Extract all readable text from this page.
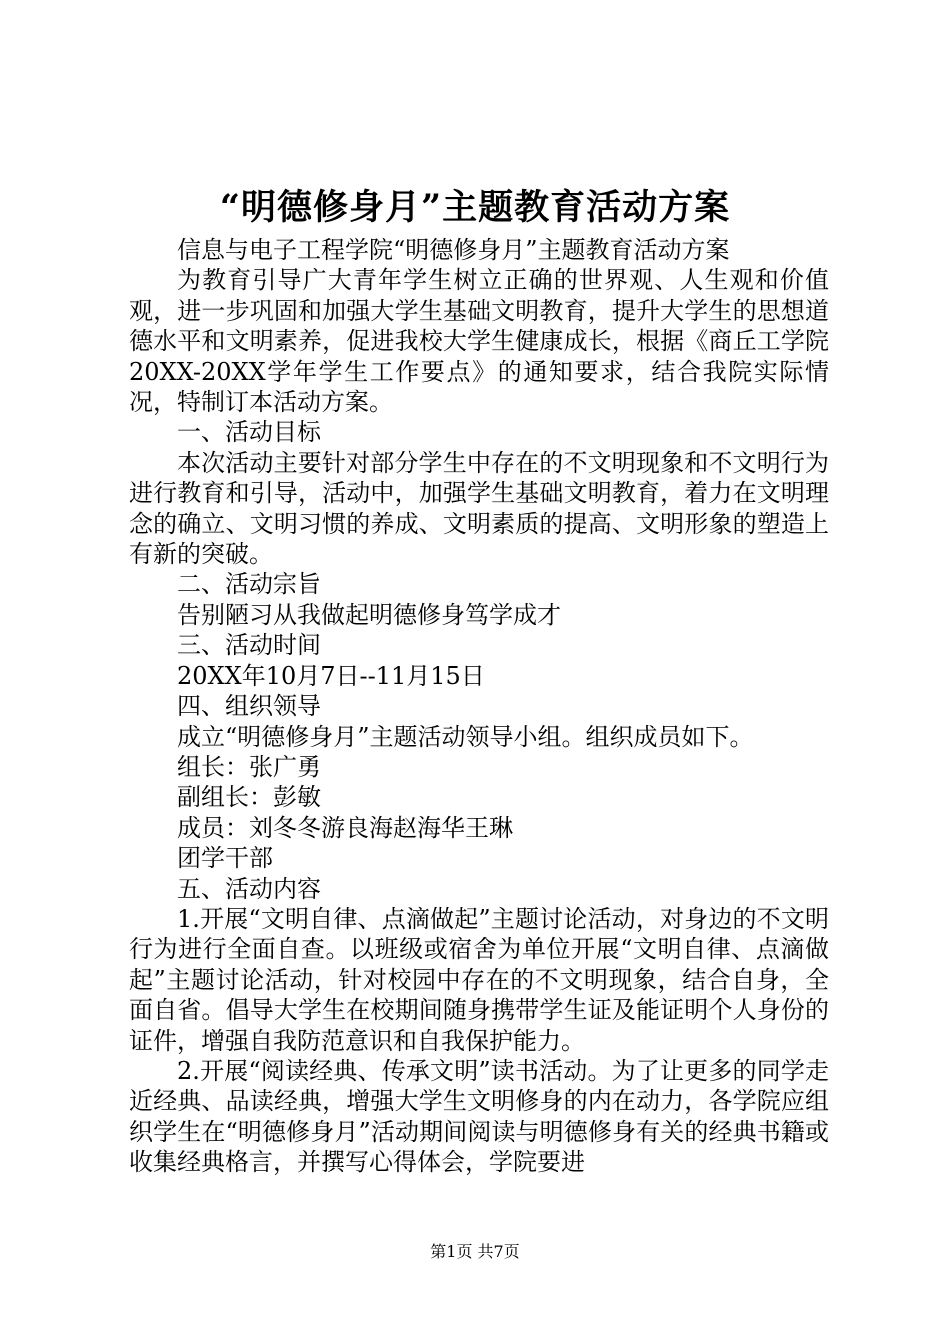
“明德修身月”主题教育活动方案

信息与电子工程学院“明德修身月”主题教育活动方案

为教育引导广大青年学生树立正确的世界观、人生观和价值观，进一步巩固和加强大学生基础文明教育，提升大学生的思想道德水平和文明素养，促进我校大学生健康成长，根据《商丘工学院20XX-20XX学年学生工作要点》的通知要求，结合我院实际情况，特制订本活动方案。

一、活动目标

本次活动主要针对部分学生中存在的不文明现象和不文明行为进行教育和引导，活动中，加强学生基础文明教育，着力在文明理念的确立、文明习惯的养成、文明素质的提高、文明形象的塑造上有新的突破。

二、活动宗旨

告别陋习从我做起明德修身笃学成才

三、活动时间

20XX年10月7日--11月15日

四、组织领导

成立“明德修身月”主题活动领导小组。组织成员如下。

组长：张广勇

副组长：彭敏

成员：刘冬冬游良海赵海华王琳

团学干部

五、活动内容

1.开展“文明自律、点滴做起”主题讨论活动，对身边的不文明行为进行全面自查。以班级或宿舍为单位开展“文明自律、点滴做起”主题讨论活动，针对校园中存在的不文明现象，结合自身，全面自省。倡导大学生在校期间随身携带学生证及能证明个人身份的证件，增强自我防范意识和自我保护能力。

2.开展“阅读经典、传承文明”读书活动。为了让更多的同学走近经典、品读经典，增强大学生文明修身的内在动力，各学院应组织学生在“明德修身月”活动期间阅读与明德修身有关的经典书籍或收集经典格言，并撰写心得体会，学院要进

第1页 共7页
